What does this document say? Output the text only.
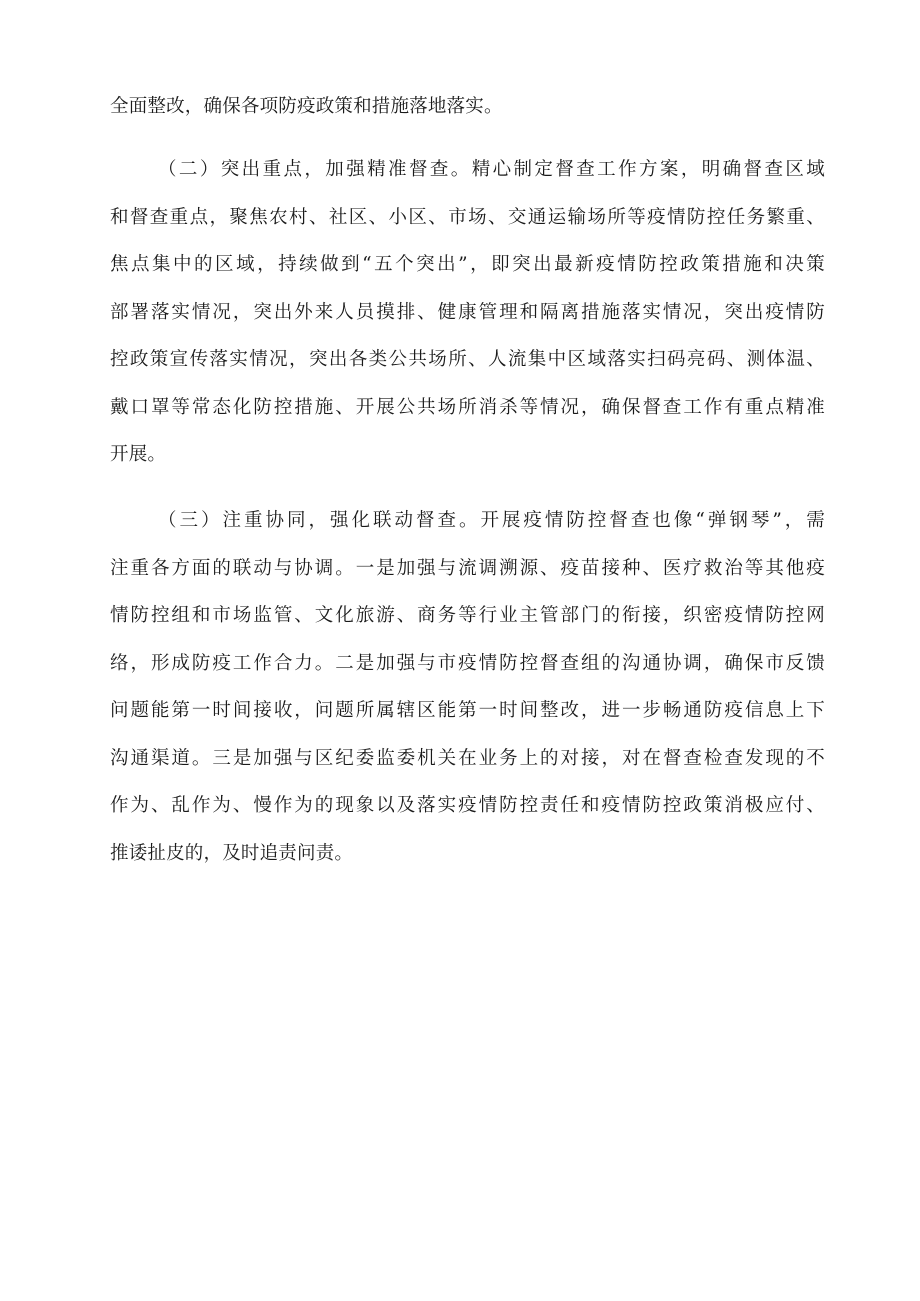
全面整改，确保各项防疫政策和措施落地落实。
（二）突出重点，加强精准督查。精心制定督查工作方案，明确督查区域
和督查重点，聚焦农村、社区、小区、市场、交通运输场所等疫情防控任务繁重、
焦点集中的区域，持续做到“五个突出”，即突出最新疫情防控政策措施和决策
部署落实情况，突出外来人员摸排、健康管理和隔离措施落实情况，突出疫情防
控政策宣传落实情况，突出各类公共场所、人流集中区域落实扫码亮码、测体温、
戴口罩等常态化防控措施、开展公共场所消杀等情况，确保督查工作有重点精准
开展。
（三）注重协同，强化联动督查。开展疫情防控督查也像“弹钢琴”，需
注重各方面的联动与协调。一是加强与流调溯源、疫苗接种、医疗救治等其他疫
情防控组和市场监管、文化旅游、商务等行业主管部门的衔接，织密疫情防控网
络，形成防疫工作合力。二是加强与市疫情防控督查组的沟通协调，确保市反馈
问题能第一时间接收，问题所属辖区能第一时间整改，进一步畅通防疫信息上下
沟通渠道。三是加强与区纪委监委机关在业务上的对接，对在督查检查发现的不
作为、乱作为、慢作为的现象以及落实疫情防控责任和疫情防控政策消极应付、
推诿扯皮的，及时追责问责。
